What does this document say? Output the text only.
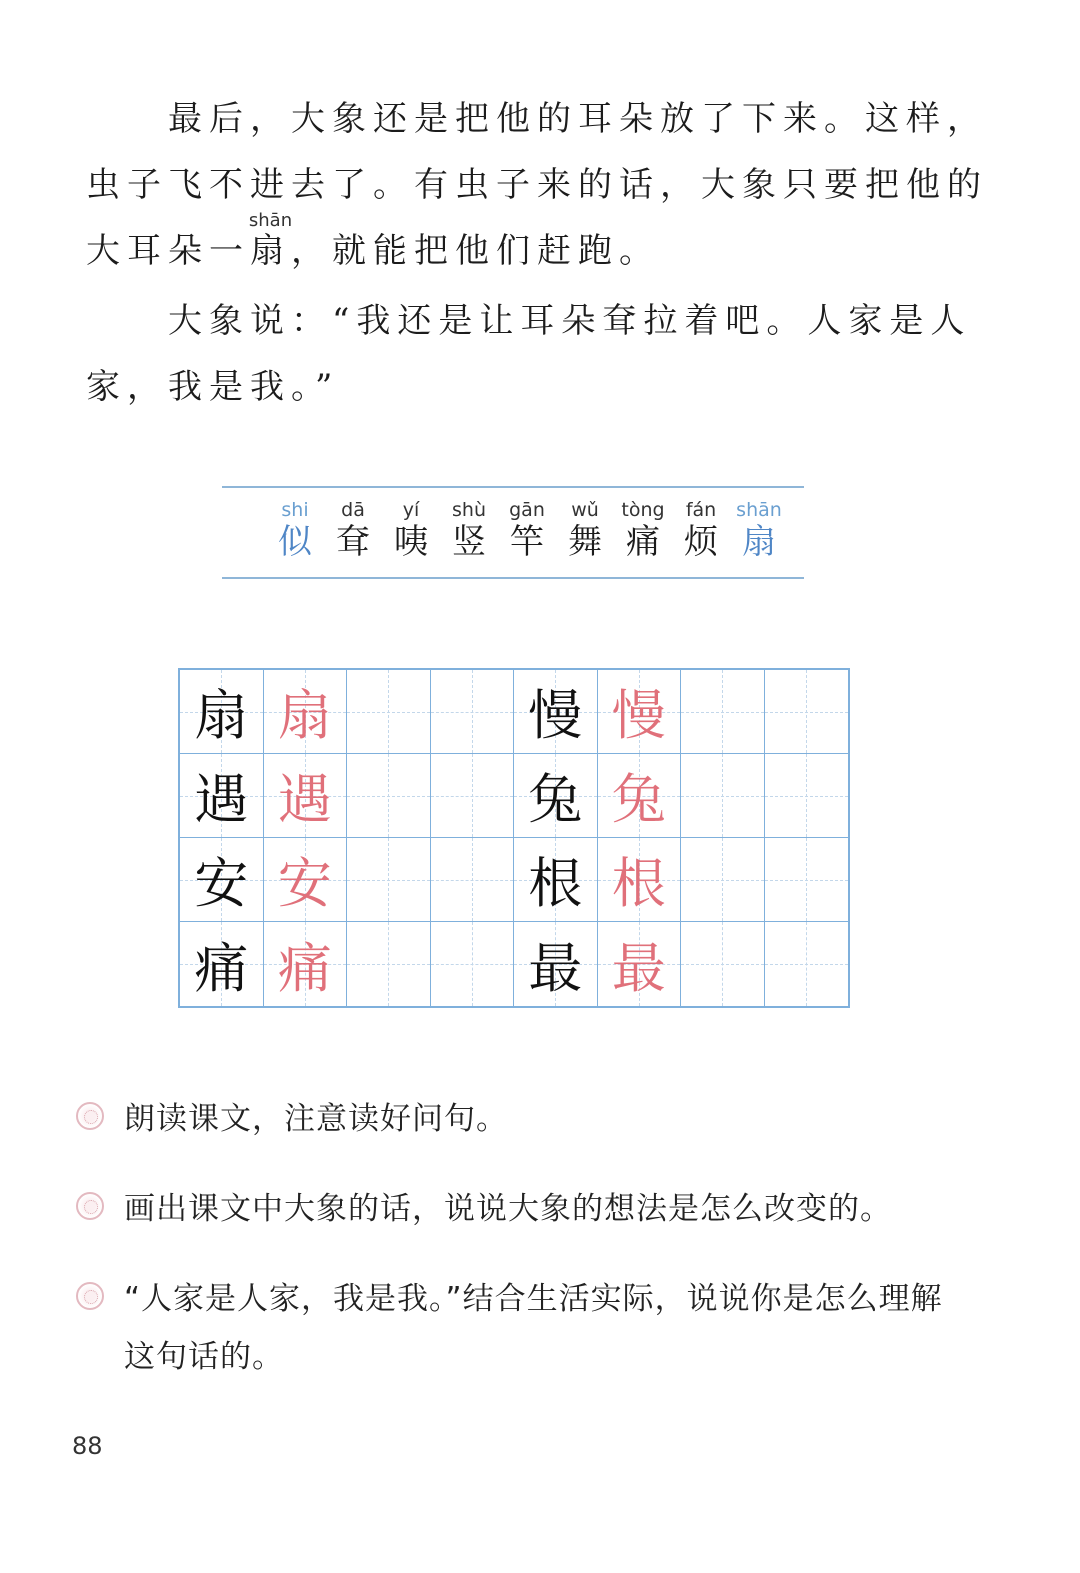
　　最后，大象还是把他的耳朵放了下来。这样，
虫子飞不进去了。有虫子来的话，大象只要把他的
大耳朵一
shān
扇，就能把他们赶跑。
　　大象说：“我还是让耳朵耷拉着吧。人家是人
家，我是我。”
shi
似
dā
耷
yí
咦
shù
竖
gān
竿
wǔ
舞
tòng
痛
fán
烦
shān
扇
扇 扇	慢 慢
遇 遇	兔 兔
安 安	根 根
痛 痛	最 最
朗读课文，注意读好问句。
画出课文中大象的话，说说大象的想法是怎么改变的。
“人家是人家，我是我。”结合生活实际，说说你是怎么理解这句话的。
88
